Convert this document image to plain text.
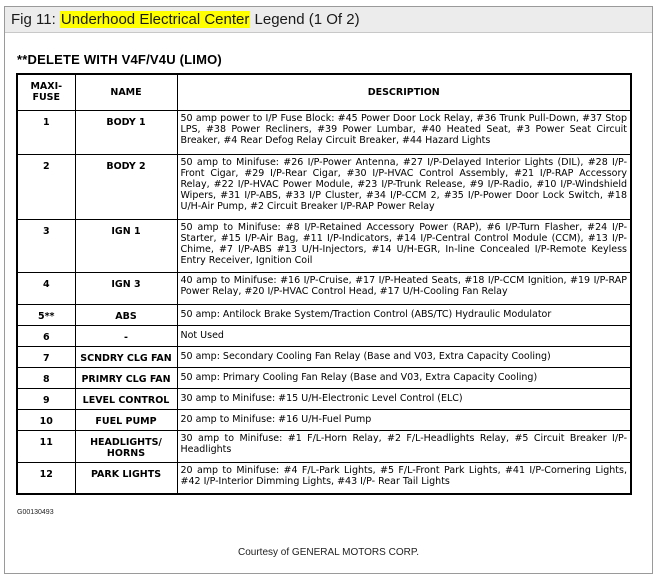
Fig 11: Underhood Electrical Center Legend (1 Of 2)
**DELETE WITH V4F/V4U (LIMO)
MAXI-
FUSE	NAME	DESCRIPTION
1	BODY 1	50 amp power to I/P Fuse Block: #45 Power Door Lock Relay, #36 Trunk Pull-Down, #37 Stop LPS, #38 Power Recliners, #39 Power Lumbar, #40 Heated Seat, #3 Power Seat Circuit Breaker, #4 Rear Defog Relay Circuit Breaker, #44 Hazard Lights
2	BODY 2	50 amp to Minifuse: #26 I/P-Power Antenna, #27 I/P-Delayed Interior Lights (DIL), #28 I/P-Front Cigar, #29 I/P-Rear Cigar, #30 I/P-HVAC Control Assembly, #21 I/P-RAP Accessory Relay, #22 I/P-HVAC Power Module, #23 I/P-Trunk Release, #9 I/P-Radio, #10 I/P-Windshield Wipers, #31 I/P-ABS, #33 I/P Cluster, #34 I/P-CCM 2, #35 I/P-Power Door Lock Switch, #18 U/H-Air Pump, #2 Circuit Breaker I/P-RAP Power Relay
3	IGN 1	50 amp to Minifuse: #8 I/P-Retained Accessory Power (RAP), #6 I/P-Turn Flasher, #24 I/P-Starter, #15 I/P-Air Bag, #11 I/P-Indicators, #14 I/P-Central Control Module (CCM), #13 I/P-Chime, #7 I/P-ABS #13 U/H-Injectors, #14 U/H-EGR, In-line Concealed I/P-Remote Keyless Entry Receiver, Ignition Coil
4	IGN 3	40 amp to Minifuse: #16 I/P-Cruise, #17 I/P-Heated Seats, #18 I/P-CCM Ignition, #19 I/P-RAP Power Relay, #20 I/P-HVAC Control Head, #17 U/H-Cooling Fan Relay
5**	ABS	50 amp: Antilock Brake System/Traction Control (ABS/TC) Hydraulic Modulator
6	-	Not Used
7	SCNDRY CLG FAN	50 amp: Secondary Cooling Fan Relay (Base and V03, Extra Capacity Cooling)
8	PRIMRY CLG FAN	50 amp: Primary Cooling Fan Relay (Base and V03, Extra Capacity Cooling)
9	LEVEL CONTROL	30 amp to Minifuse: #15 U/H-Electronic Level Control (ELC)
10	FUEL PUMP	20 amp to Minifuse: #16 U/H-Fuel Pump
11	HEADLIGHTS/
HORNS	30 amp to Minifuse: #1 F/L-Horn Relay, #2 F/L-Headlights Relay, #5 Circuit Breaker I/P-Headlights
12	PARK LIGHTS	20 amp to Minifuse: #4 F/L-Park Lights, #5 F/L-Front Park Lights, #41 I/P-Cornering Lights, #42 I/P-Interior Dimming Lights, #43 I/P- Rear Tail Lights
G00130493
Courtesy of GENERAL MOTORS CORP.
